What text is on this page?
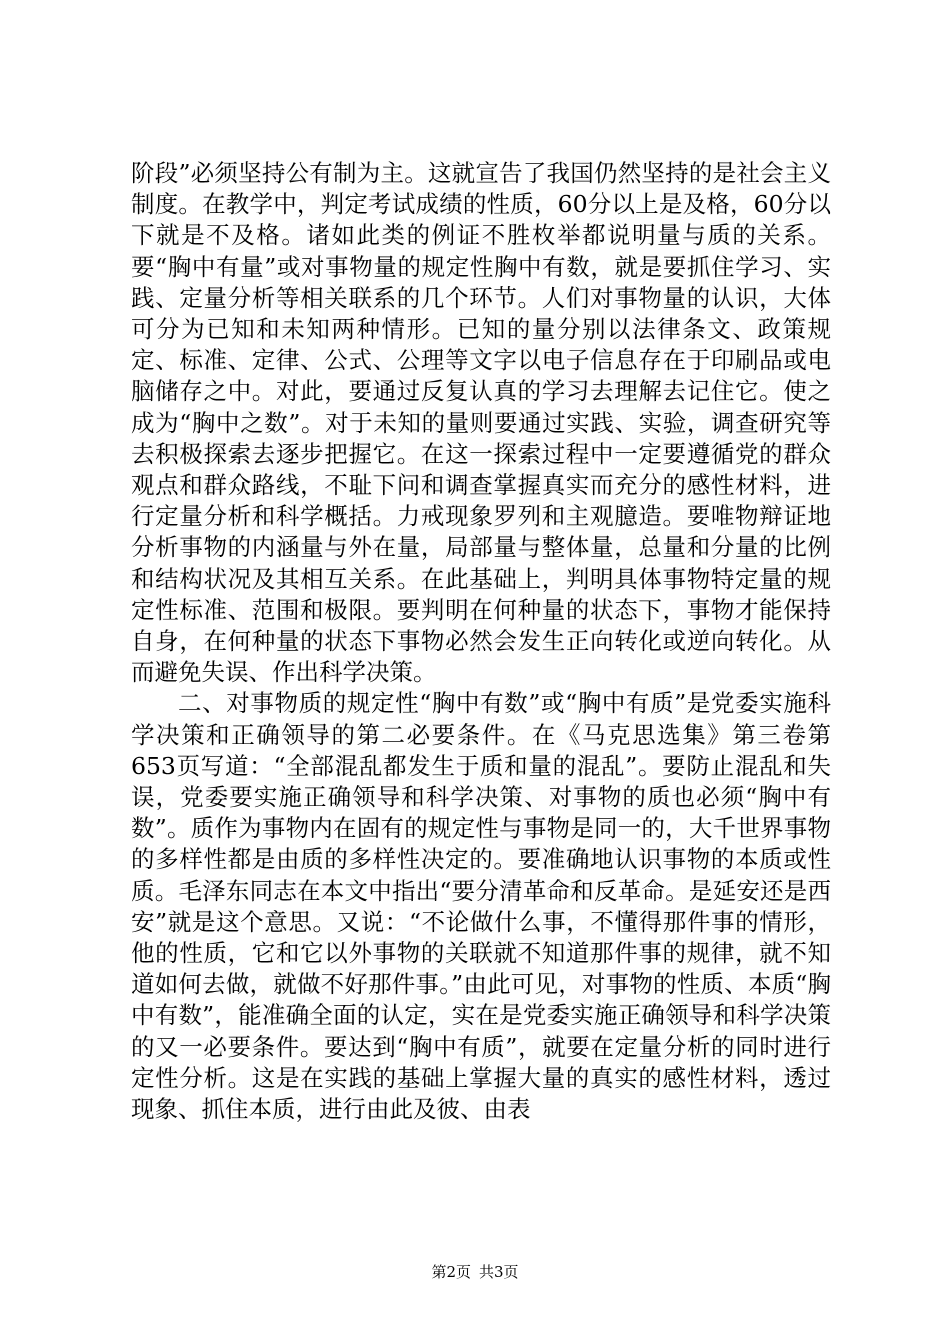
阶段”必须坚持公有制为主。这就宣告了我国仍然坚持的是社会主义制度。在教学中，判定考试成绩的性质，60分以上是及格，60分以下就是不及格。诸如此类的例证不胜枚举都说明量与质的关系。要“胸中有量”或对事物量的规定性胸中有数，就是要抓住学习、实践、定量分析等相关联系的几个环节。人们对事物量的认识，大体可分为已知和未知两种情形。已知的量分别以法律条文、政策规定、标准、定律、公式、公理等文字以电子信息存在于印刷品或电脑储存之中。对此，要通过反复认真的学习去理解去记住它。使之成为“胸中之数”。对于未知的量则要通过实践、实验，调查研究等去积极探索去逐步把握它。在这一探索过程中一定要遵循党的群众观点和群众路线，不耻下问和调查掌握真实而充分的感性材料，进行定量分析和科学概括。力戒现象罗列和主观臆造。要唯物辩证地分析事物的内涵量与外在量，局部量与整体量，总量和分量的比例和结构状况及其相互关系。在此基础上，判明具体事物特定量的规定性标准、范围和极限。要判明在何种量的状态下，事物才能保持自身，在何种量的状态下事物必然会发生正向转化或逆向转化。从而避免失误、作出科学决策。

二、对事物质的规定性“胸中有数”或“胸中有质”是党委实施科学决策和正确领导的第二必要条件。在《马克思选集》第三卷第653页写道：“全部混乱都发生于质和量的混乱”。要防止混乱和失误，党委要实施正确领导和科学决策、对事物的质也必须“胸中有数”。质作为事物内在固有的规定性与事物是同一的，大千世界事物的多样性都是由质的多样性决定的。要准确地认识事物的本质或性质。毛泽东同志在本文中指出“要分清革命和反革命。是延安还是西安”就是这个意思。又说：“不论做什么事，不懂得那件事的情形，他的性质，它和它以外事物的关联就不知道那件事的规律，就不知道如何去做，就做不好那件事。”由此可见，对事物的性质、本质“胸中有数”，能准确全面的认定，实在是党委实施正确领导和科学决策的又一必要条件。要达到“胸中有质”，就要在定量分析的同时进行定性分析。这是在实践的基础上掌握大量的真实的感性材料，透过现象、抓住本质，进行由此及彼、由表

第2页 共3页
